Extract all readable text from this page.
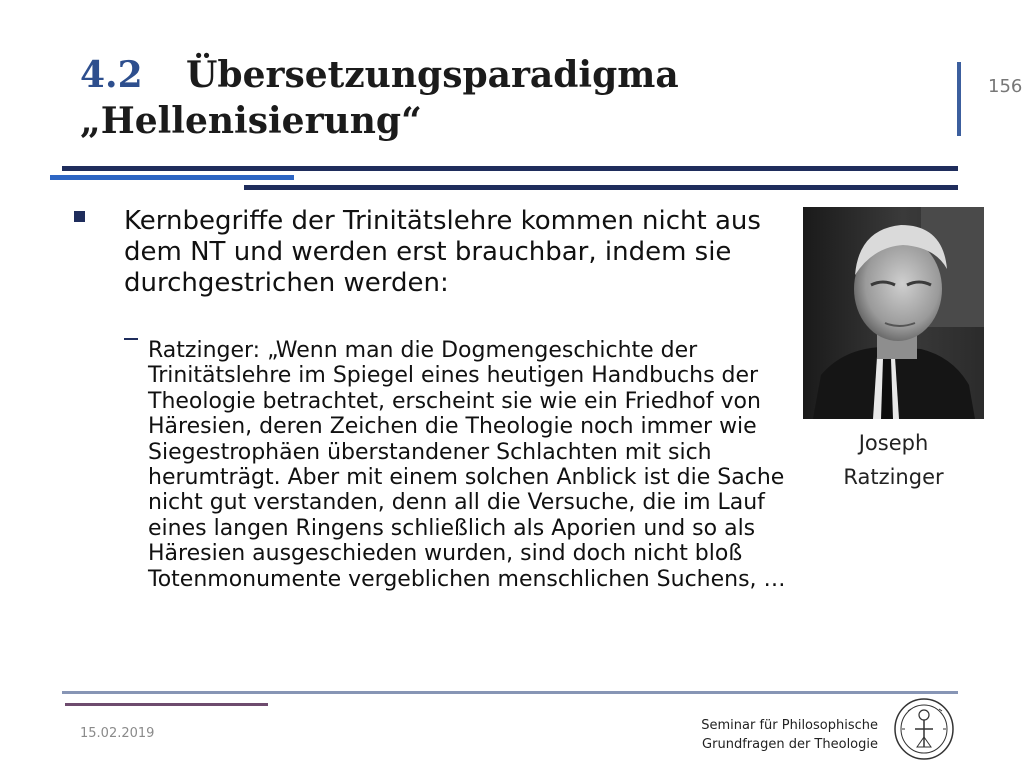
4.2 Übersetzungsparadigma
„Hellenisierung“
156

Kernbegriffe der Trinitätslehre kommen nicht aus dem NT und werden erst brauchbar, indem sie durchgestrichen werden:

Ratzinger: „Wenn man die Dogmengeschichte der Trinitätslehre im Spiegel eines heutigen Handbuchs der Theologie betrachtet, erscheint sie wie ein Friedhof von Häresien, deren Zeichen die Theologie noch immer wie Siegestrophäen überstandener Schlachten mit sich herumträgt. Aber mit einem solchen Anblick ist die Sache nicht gut verstanden, denn all die Versuche, die im Lauf eines langen Ringens schließlich als Aporien und so als Häresien ausgeschieden wurden, sind doch nicht bloß Totenmonumente vergeblichen menschlichen Suchens, …

Joseph
Ratzinger

15.02.2019

Seminar für Philosophische
Grundfragen der Theologie
